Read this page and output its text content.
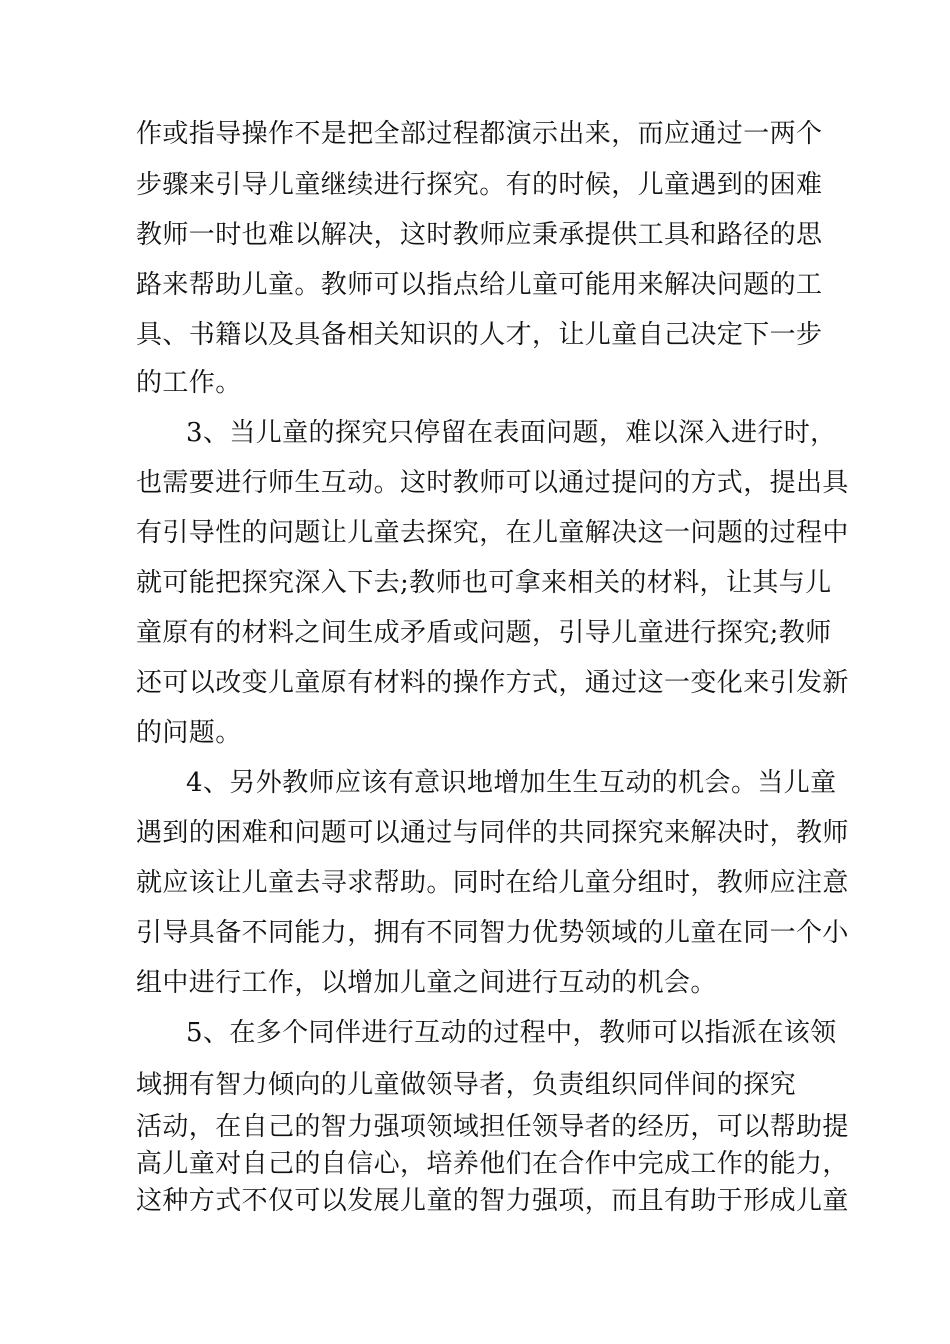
作或指导操作不是把全部过程都演示出来，而应通过一两个
步骤来引导儿童继续进行探究。有的时候，儿童遇到的困难
教师一时也难以解决，这时教师应秉承提供工具和路径的思
路来帮助儿童。教师可以指点给儿童可能用来解决问题的工
具、书籍以及具备相关知识的人才，让儿童自己决定下一步
的工作。
3、当儿童的探究只停留在表面问题，难以深入进行时，
也需要进行师生互动。这时教师可以通过提问的方式，提出具
有引导性的问题让儿童去探究，在儿童解决这一问题的过程中
就可能把探究深入下去;教师也可拿来相关的材料，让其与儿
童原有的材料之间生成矛盾或问题，引导儿童进行探究;教师
还可以改变儿童原有材料的操作方式，通过这一变化来引发新
的问题。
4、另外教师应该有意识地增加生生互动的机会。当儿童
遇到的困难和问题可以通过与同伴的共同探究来解决时，教师
就应该让儿童去寻求帮助。同时在给儿童分组时，教师应注意
引导具备不同能力，拥有不同智力优势领域的儿童在同一个小
组中进行工作，以增加儿童之间进行互动的机会。
5、在多个同伴进行互动的过程中，教师可以指派在该领
域拥有智力倾向的儿童做领导者，负责组织同伴间的探究
活动，在自己的智力强项领域担任领导者的经历，可以帮助提
高儿童对自己的自信心，培养他们在合作中完成工作的能力，
这种方式不仅可以发展儿童的智力强项，而且有助于形成儿童
